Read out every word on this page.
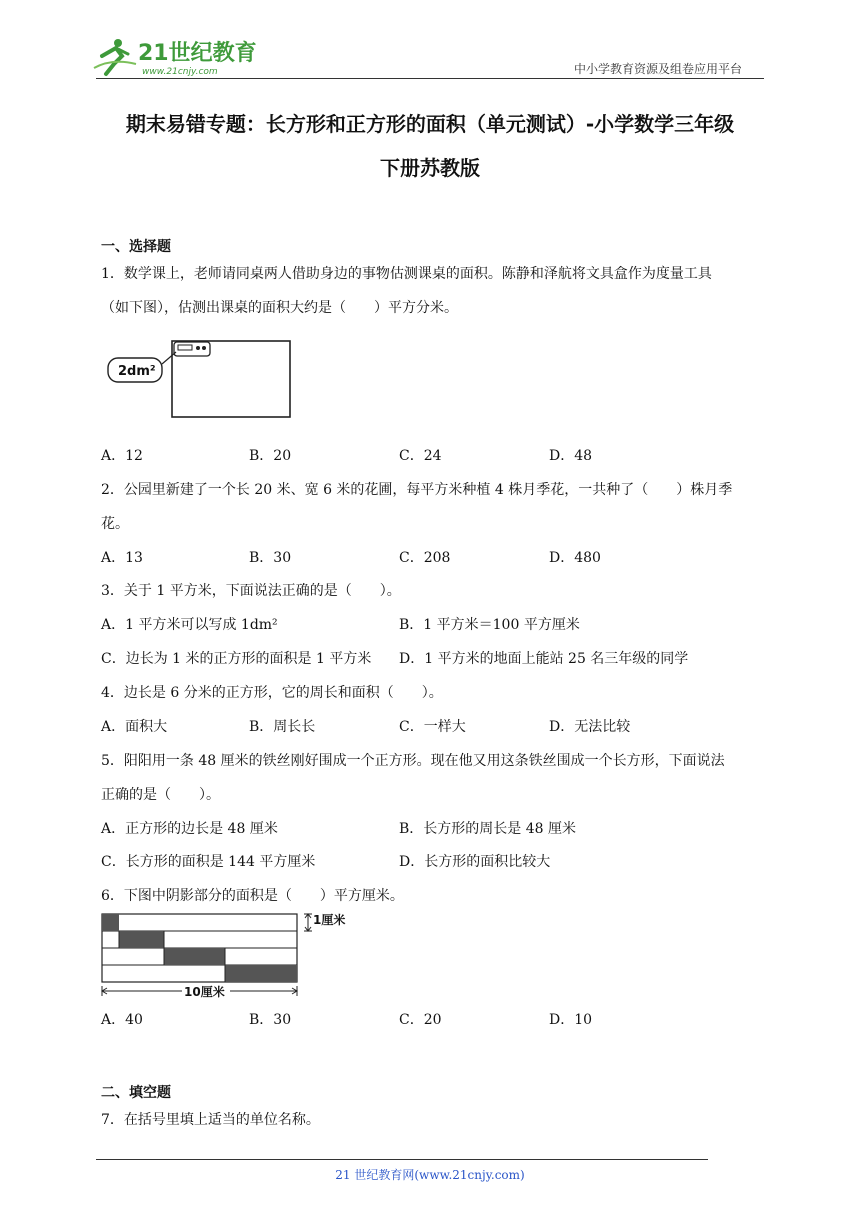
21世纪教育
www.21cnjy.com	中小学教育资源及组卷应用平台
期末易错专题：长方形和正方形的面积（单元测试）-小学数学三年级
下册苏教版
一、选择题
1．数学课上，老师请同桌两人借助身边的事物估测课桌的面积。陈静和泽航将文具盒作为度量工具
（如下图），估测出课桌的面积大约是（　　）平方分米。
2dm²
A．12	B．20	C．24	D．48
2．公园里新建了一个长 20 米、宽 6 米的花圃，每平方米种植 4 株月季花，一共种了（　　）株月季
花。
A．13	B．30	C．208	D．480
3．关于 1 平方米，下面说法正确的是（　　）。
A．1 平方米可以写成 1dm²	B．1 平方米＝100 平方厘米
C．边长为 1 米的正方形的面积是 1 平方米 D．1 平方米的地面上能站 25 名三年级的同学
4．边长是 6 分米的正方形，它的周长和面积（　　）。
A．面积大	B．周长长	C．一样大	D．无法比较
5．阳阳用一条 48 厘米的铁丝刚好围成一个正方形。现在他又用这条铁丝围成一个长方形，下面说法
正确的是（　　）。
A．正方形的边长是 48 厘米	B．长方形的周长是 48 厘米
C．长方形的面积是 144 平方厘米	D．长方形的面积比较大
6．下图中阴影部分的面积是（　　）平方厘米。
1厘米
10厘米
A．40	B．30	C．20	D．10
二、填空题
7．在括号里填上适当的单位名称。
21 世纪教育网(www.21cnjy.com)
